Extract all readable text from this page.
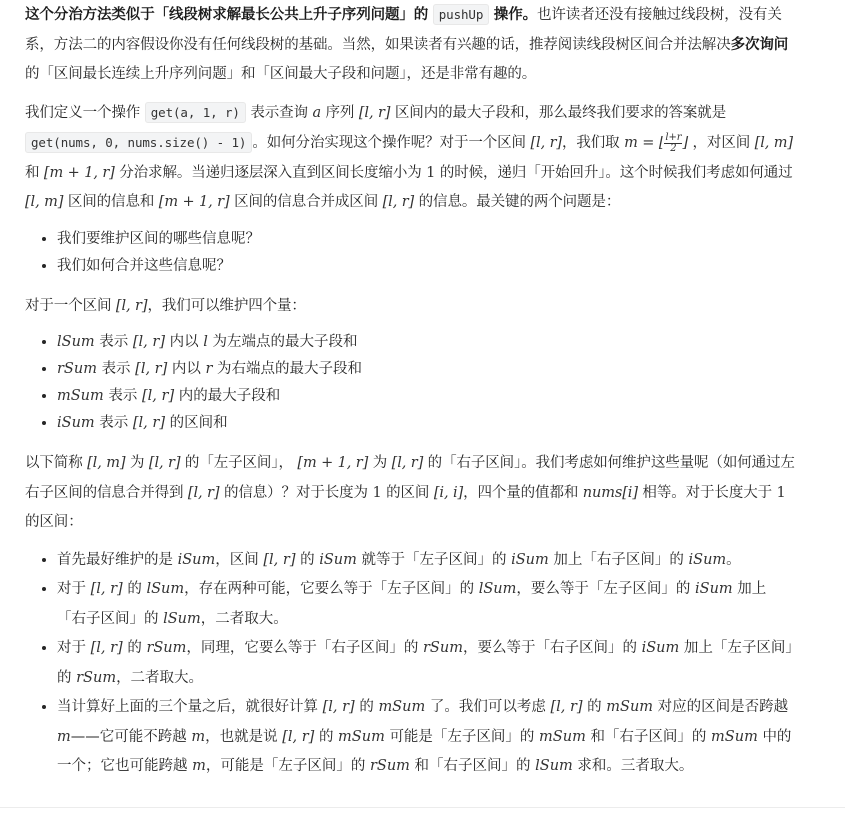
这个分治方法类似于「线段树求解最长公共上升子序列问题」的 pushUp 操作。也许读者还没有接触过线段树，没有关系，方法二的内容假设你没有任何线段树的基础。当然，如果读者有兴趣的话，推荐阅读线段树区间合并法解决多次询问的「区间最长连续上升序列问题」和「区间最大子段和问题」，还是非常有趣的。

我们定义一个操作 get(a, 1, r) 表示查询 a 序列 [l, r] 区间内的最大子段和，那么最终我们要求的答案就是 get(nums, 0, nums.size() - 1) 。如何分治实现这个操作呢？对于一个区间 [l, r]，我们取 m = ⌊ $\frac{l+r}{2}$ ⌋ ，对区间 [l, m] 和 [m + 1, r] 分治求解。当递归逐层深入直到区间长度缩小为 1 的时候，递归「开始回升」。这个时候我们考虑如何通过 [l, m] 区间的信息和 [m + 1, r] 区间的信息合并成区间 [l, r] 的信息。最关键的两个问题是：

• 我们要维护区间的哪些信息呢？
• 我们如何合并这些信息呢？

对于一个区间 [l, r]，我们可以维护四个量：

• lSum 表示 [l, r] 内以 l 为左端点的最大子段和
• rSum 表示 [l, r] 内以 r 为右端点的最大子段和
• mSum 表示 [l, r] 内的最大子段和
• iSum 表示 [l, r] 的区间和

以下简称 [l, m] 为 [l, r] 的「左子区间」， [m + 1, r] 为 [l, r] 的「右子区间」。我们考虑如何维护这些量呢（如何通过左右子区间的信息合并得到 [l, r] 的信息）？对于长度为 1 的区间 [i, i]，四个量的值都和 nums[i] 相等。对于长度大于 1 的区间：

• 首先最好维护的是 iSum，区间 [l, r] 的 iSum 就等于「左子区间」的 iSum 加上「右子区间」的 iSum。
• 对于 [l, r] 的 lSum，存在两种可能，它要么等于「左子区间」的 lSum，要么等于「左子区间」的 iSum 加上「右子区间」的 lSum，二者取大。
• 对于 [l, r] 的 rSum，同理，它要么等于「右子区间」的 rSum，要么等于「右子区间」的 iSum 加上「左子区间」的 rSum，二者取大。
• 当计算好上面的三个量之后，就很好计算 [l, r] 的 mSum 了。我们可以考虑 [l, r] 的 mSum 对应的区间是否跨越 m——它可能不跨越 m，也就是说 [l, r] 的 mSum 可能是「左子区间」的 mSum 和「右子区间」的 mSum 中的一个；它也可能跨越 m，可能是「左子区间」的 rSum 和「右子区间」的 lSum 求和。三者取大。
